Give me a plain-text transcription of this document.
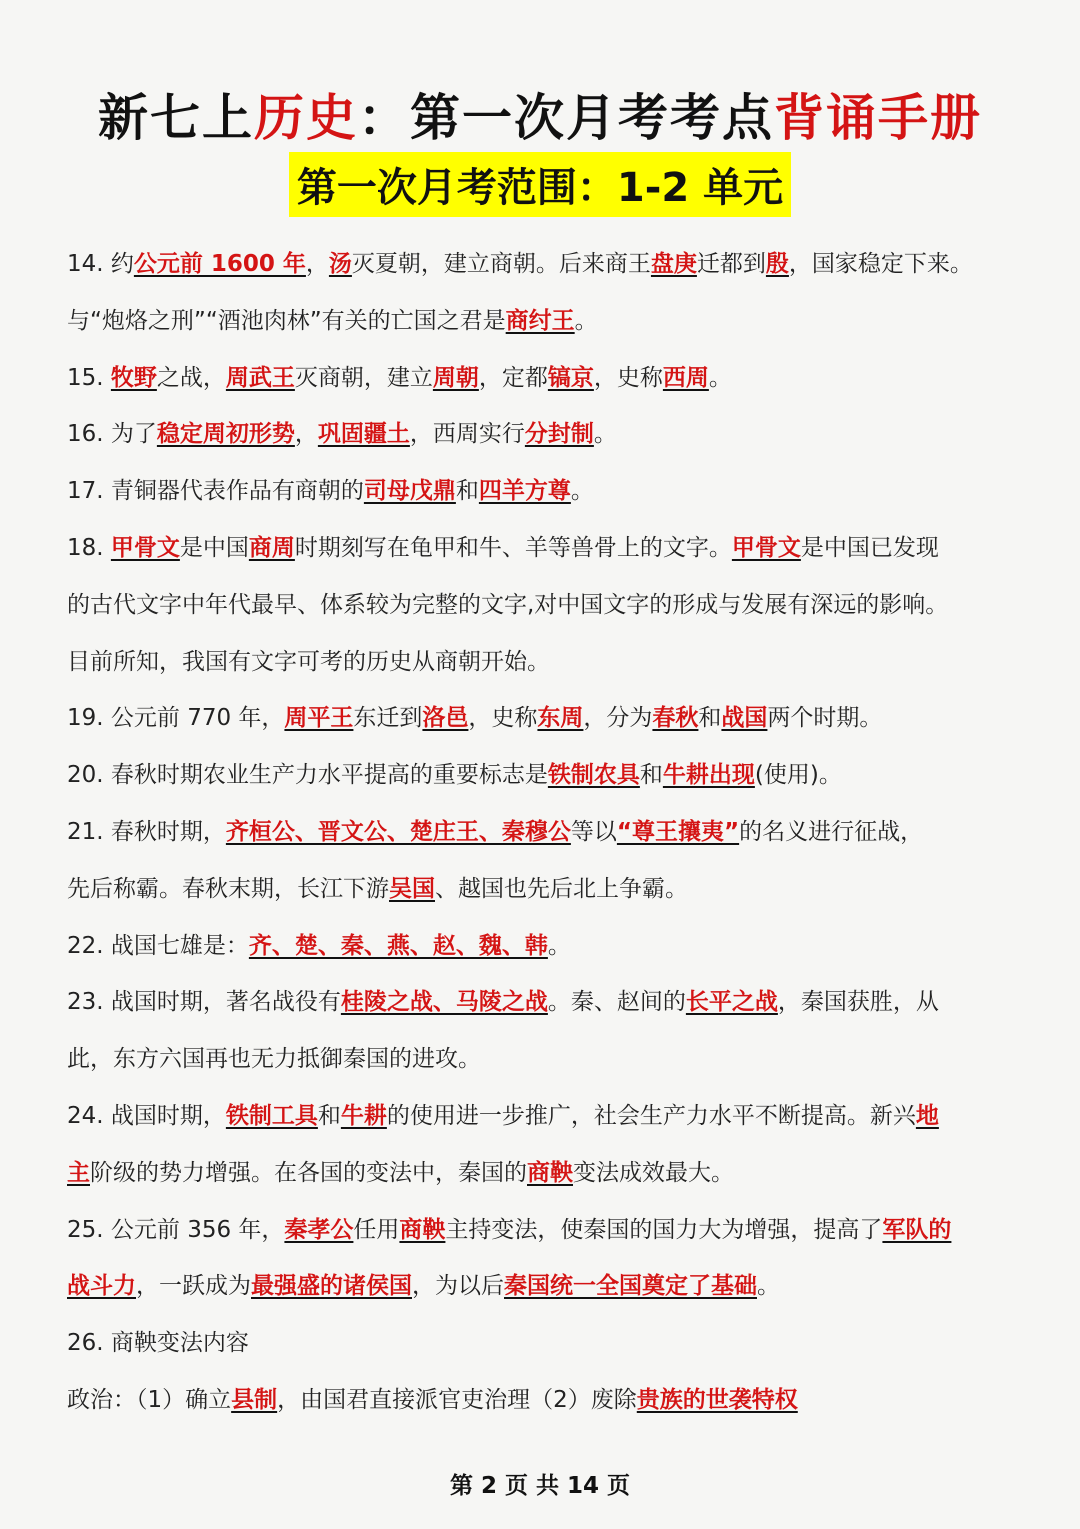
新七上历史：第一次月考考点背诵手册
第一次月考范围：1-2 单元
14. 约公元前 1600 年，汤灭夏朝，建立商朝。后来商王盘庚迁都到殷，国家稳定下来。
与“炮烙之刑”“酒池肉林”有关的亡国之君是商纣王。
15. 牧野之战，周武王灭商朝，建立周朝，定都镐京，史称西周。
16. 为了稳定周初形势，巩固疆土，西周实行分封制。
17. 青铜器代表作品有商朝的司母戊鼎和四羊方尊。
18. 甲骨文是中国商周时期刻写在龟甲和牛、羊等兽骨上的文字。甲骨文是中国已发现
的古代文字中年代最早、体系较为完整的文字,对中国文字的形成与发展有深远的影响。
目前所知，我国有文字可考的历史从商朝开始。
19. 公元前 770 年，周平王东迁到洛邑，史称东周，分为春秋和战国两个时期。
20. 春秋时期农业生产力水平提高的重要标志是铁制农具和牛耕出现(使用)。
21. 春秋时期，齐桓公、晋文公、楚庄王、秦穆公等以“尊王攘夷”的名义进行征战，
先后称霸。春秋末期，长江下游吴国、越国也先后北上争霸。
22. 战国七雄是：齐、楚、秦、燕、赵、魏、韩。
23. 战国时期，著名战役有桂陵之战、马陵之战。秦、赵间的长平之战，秦国获胜，从
此，东方六国再也无力抵御秦国的进攻。
24. 战国时期，铁制工具和牛耕的使用进一步推广，社会生产力水平不断提高。新兴地
主阶级的势力增强。在各国的变法中，秦国的商鞅变法成效最大。
25. 公元前 356 年，秦孝公任用商鞅主持变法，使秦国的国力大为增强，提高了军队的
战斗力，一跃成为最强盛的诸侯国，为以后秦国统一全国奠定了基础。
26. 商鞅变法内容
政治：（1）确立县制，由国君直接派官吏治理（2）废除贵族的世袭特权
第 2 页 共 14 页
